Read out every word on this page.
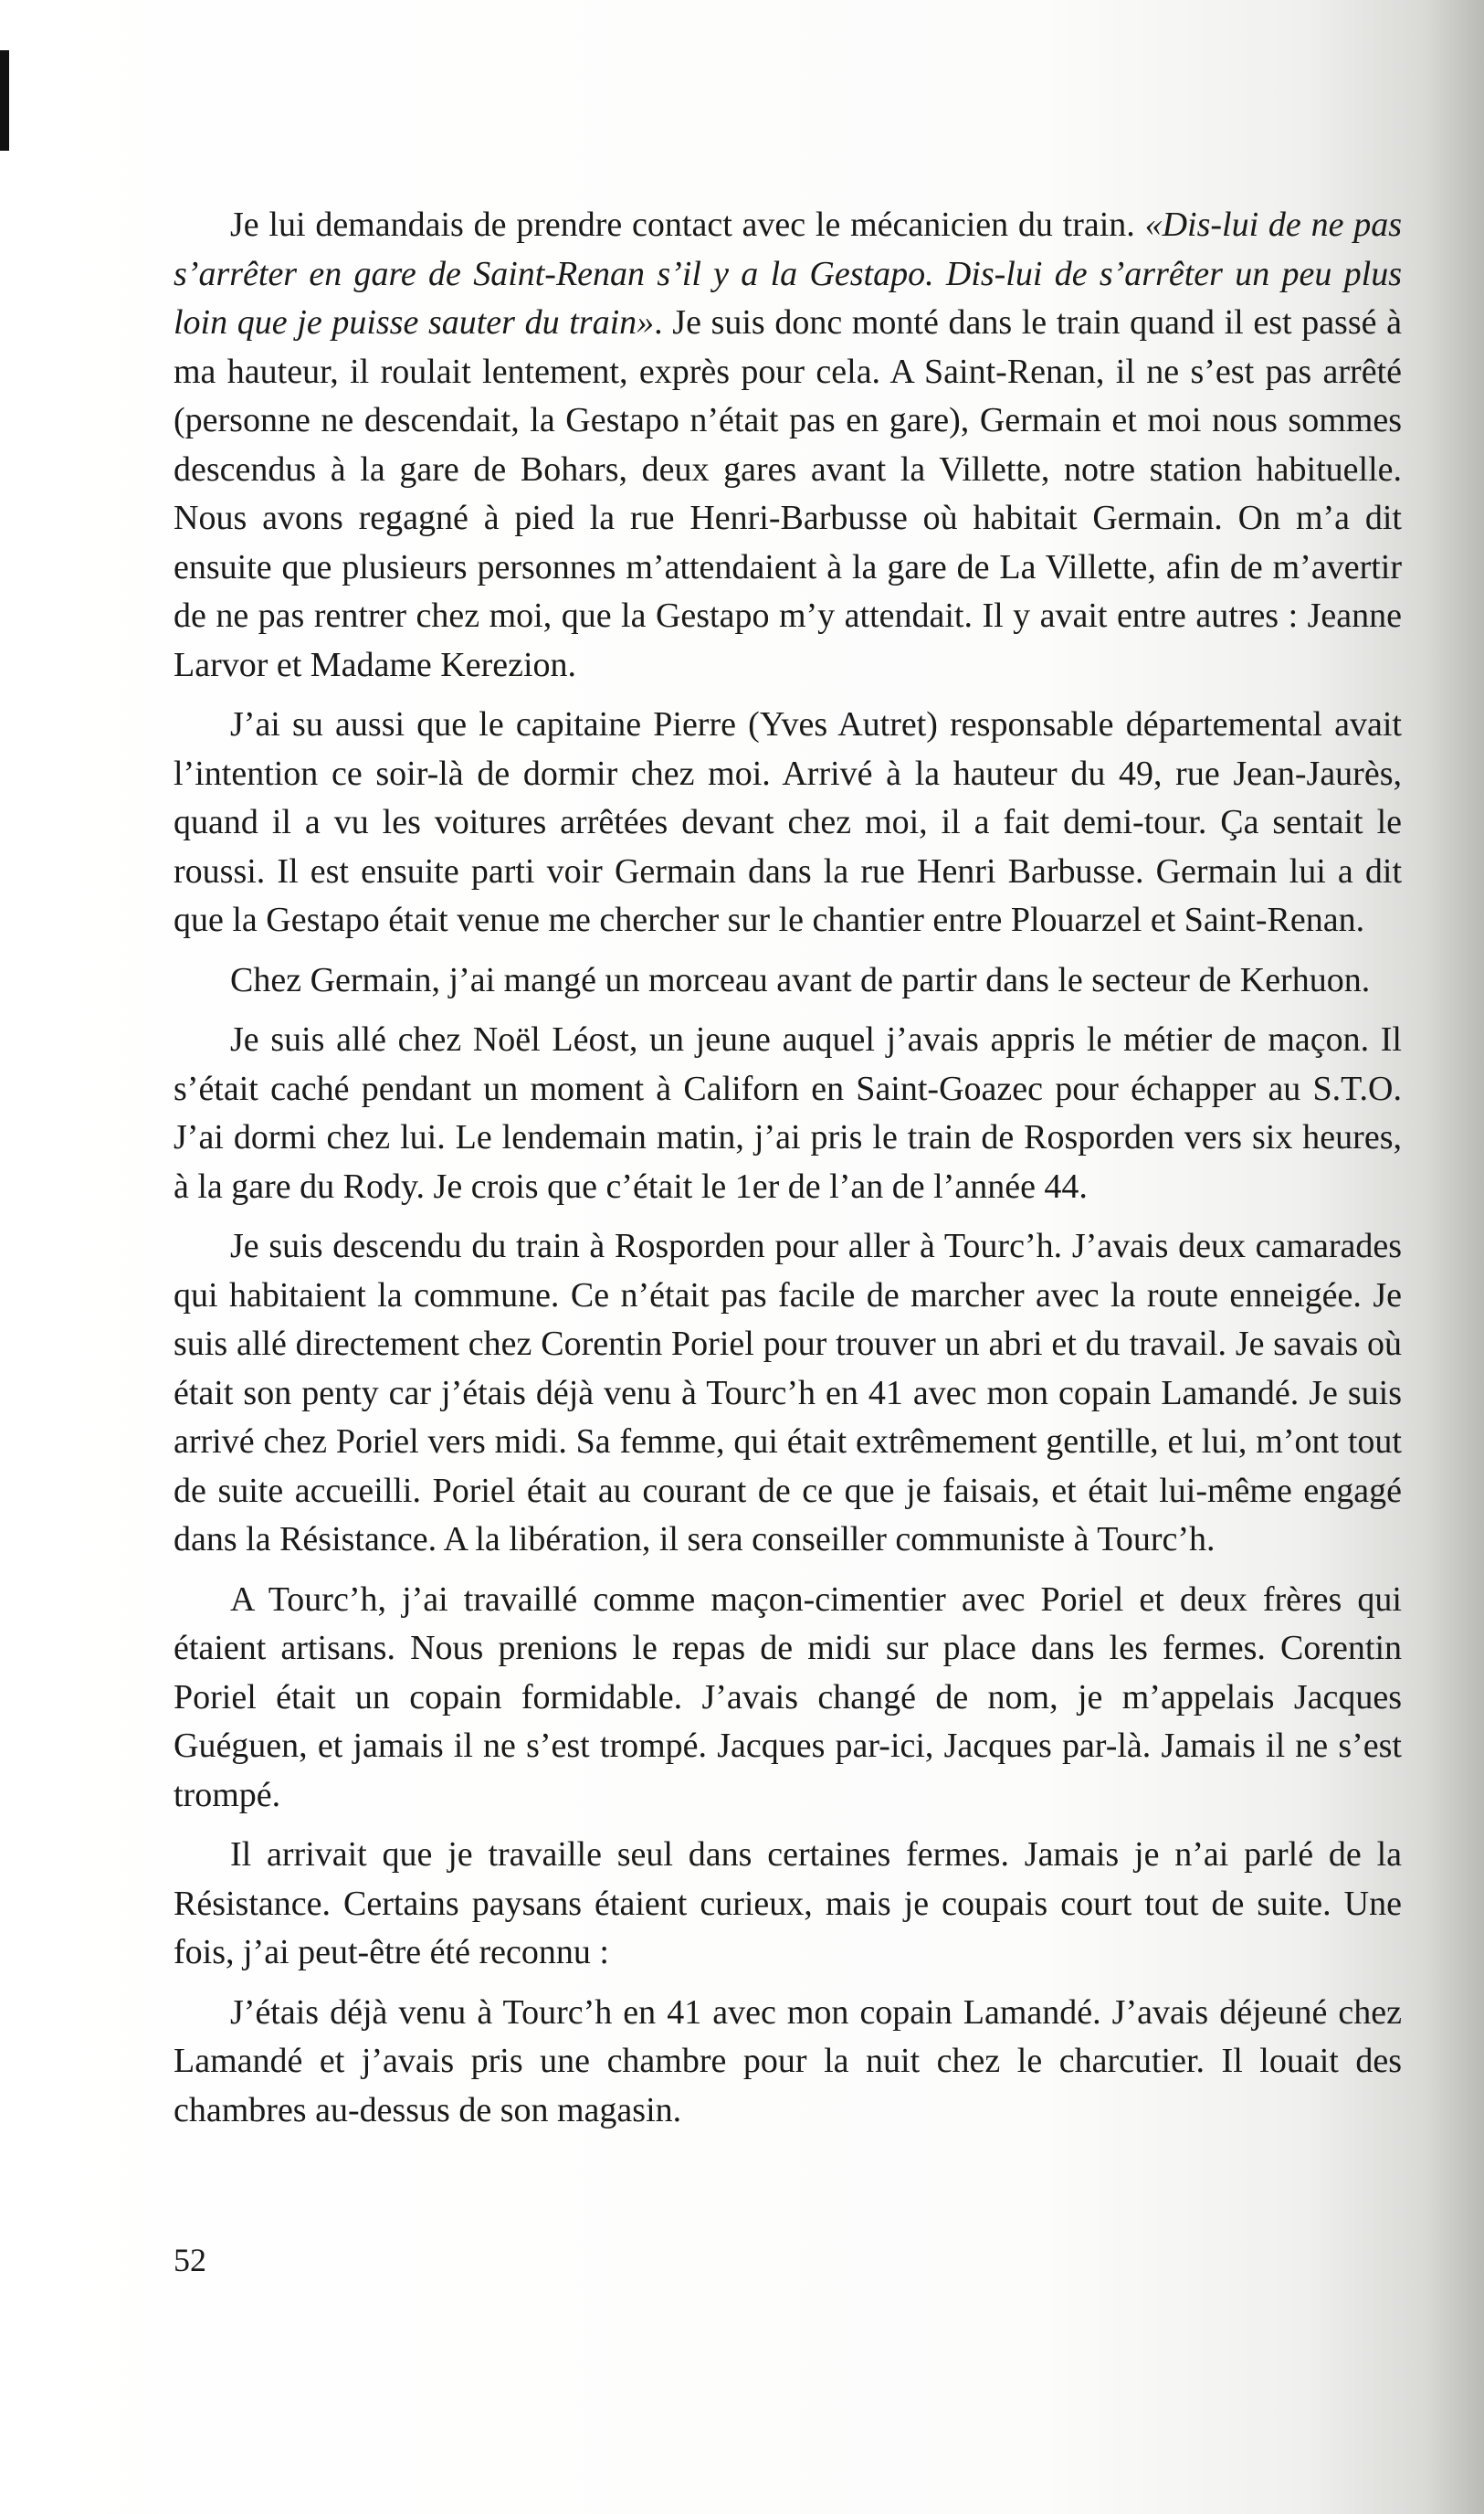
Je lui demandais de prendre contact avec le mécanicien du train. «Dis-lui de ne pas s’arrêter en gare de Saint-Renan s’il y a la Gestapo. Dis-lui de s’arrêter un peu plus loin que je puisse sauter du train». Je suis donc monté dans le train quand il est passé à ma hauteur, il roulait lentement, exprès pour cela. A Saint-Renan, il ne s’est pas arrêté (personne ne descendait, la Gestapo n’était pas en gare), Germain et moi nous sommes descendus à la gare de Bohars, deux gares avant la Villette, notre station habituelle. Nous avons regagné à pied la rue Henri-Barbusse où habitait Germain. On m’a dit ensuite que plusieurs personnes m’attendaient à la gare de La Villette, afin de m’avertir de ne pas rentrer chez moi, que la Gestapo m’y attendait. Il y avait entre autres : Jeanne Larvor et Madame Kerezion.

J’ai su aussi que le capitaine Pierre (Yves Autret) responsable départemental avait l’intention ce soir-là de dormir chez moi. Arrivé à la hauteur du 49, rue Jean-Jaurès, quand il a vu les voitures arrêtées devant chez moi, il a fait demi-tour. Ça sentait le roussi. Il est ensuite parti voir Germain dans la rue Henri Barbusse. Germain lui a dit que la Gestapo était venue me chercher sur le chantier entre Plouarzel et Saint-Renan.

Chez Germain, j’ai mangé un morceau avant de partir dans le secteur de Kerhuon.

Je suis allé chez Noël Léost, un jeune auquel j’avais appris le métier de maçon. Il s’était caché pendant un moment à Californ en Saint-Goazec pour échapper au S.T.O. J’ai dormi chez lui. Le lendemain matin, j’ai pris le train de Rosporden vers six heures, à la gare du Rody. Je crois que c’était le 1er de l’an de l’année 44.

Je suis descendu du train à Rosporden pour aller à Tourc’h. J’avais deux camarades qui habitaient la commune. Ce n’était pas facile de marcher avec la route enneigée. Je suis allé directement chez Corentin Poriel pour trouver un abri et du travail. Je savais où était son penty car j’étais déjà venu à Tourc’h en 41 avec mon copain Lamandé. Je suis arrivé chez Poriel vers midi. Sa femme, qui était extrêmement gentille, et lui, m’ont tout de suite accueilli. Poriel était au courant de ce que je faisais, et était lui-même engagé dans la Résistance. A la libération, il sera conseiller communiste à Tourc’h.

A Tourc’h, j’ai travaillé comme maçon-cimentier avec Poriel et deux frères qui étaient artisans. Nous prenions le repas de midi sur place dans les fermes. Corentin Poriel était un copain formidable. J’avais changé de nom, je m’appelais Jacques Guéguen, et jamais il ne s’est trompé. Jacques par-ici, Jacques par-là. Jamais il ne s’est trompé.

Il arrivait que je travaille seul dans certaines fermes. Jamais je n’ai parlé de la Résistance. Certains paysans étaient curieux, mais je coupais court tout de suite. Une fois, j’ai peut-être été reconnu :

J’étais déjà venu à Tourc’h en 41 avec mon copain Lamandé. J’avais déjeuné chez Lamandé et j’avais pris une chambre pour la nuit chez le charcutier. Il louait des chambres au-dessus de son magasin.

52
